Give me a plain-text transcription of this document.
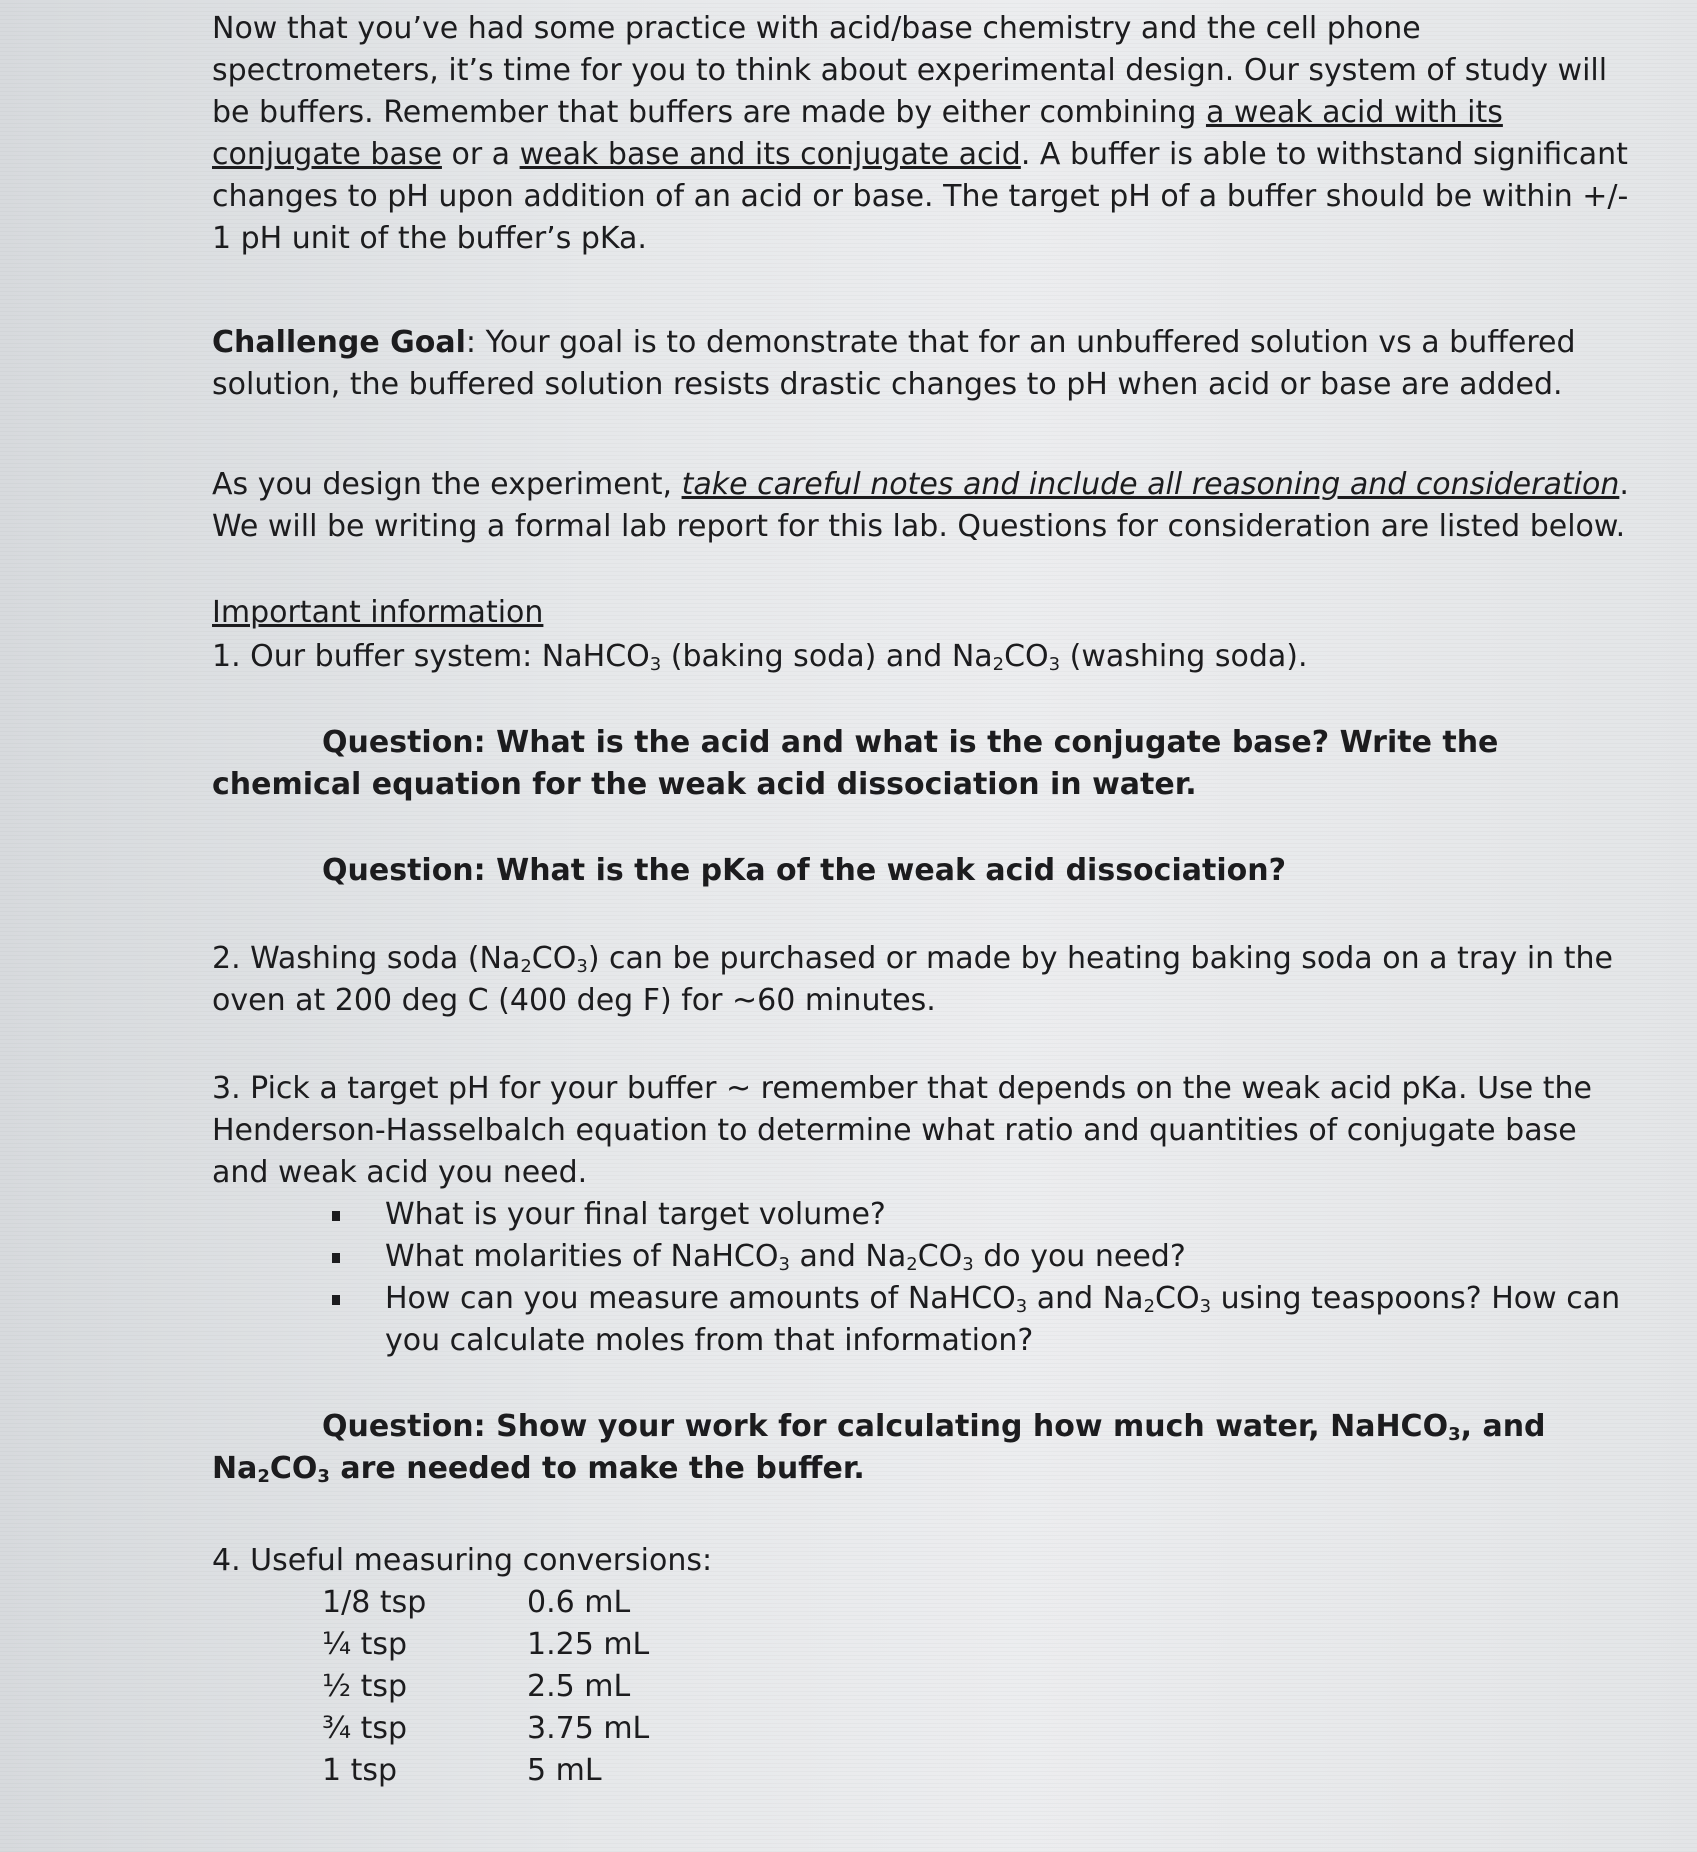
Now that you’ve had some practice with acid/base chemistry and the cell phone spectrometers, it’s time for you to think about experimental design. Our system of study will be buffers. Remember that buffers are made by either combining a weak acid with its conjugate base or a weak base and its conjugate acid. A buffer is able to withstand significant changes to pH upon addition of an acid or base. The target pH of a buffer should be within +/- 1 pH unit of the buffer’s pKa.

Challenge Goal: Your goal is to demonstrate that for an unbuffered solution vs a buffered solution, the buffered solution resists drastic changes to pH when acid or base are added.

As you design the experiment, take careful notes and include all reasoning and consideration. We will be writing a formal lab report for this lab. Questions for consideration are listed below.

Important information

1. Our buffer system: NaHCO$_3$ (baking soda) and $Na_2CO_3$ (washing soda).

Question: What is the acid and what is the conjugate base? Write the chemical equation for the weak acid dissociation in water.

Question: What is the pKa of the weak acid dissociation?

2. Washing soda $(Na_2CO_3)$ can be purchased or made by heating baking soda on a tray in the oven at 200 deg C (400 deg F) for ~60 minutes.

3. Pick a target pH for your buffer ~ remember that depends on the weak acid pKa. Use the Henderson-Hasselbalch equation to determine what ratio and quantities of conjugate base and weak acid you need.

What is your final target volume?
What molarities of NaHCO$_3$ and $Na_2CO_3$ do you need?
How can you measure amounts of NaHCO$_3$ and $Na_2CO_3$ using teaspoons? How can you calculate moles from that information?

Question: Show your work for calculating how much water, NaHCO$_3$, and $Na_2CO_3$ are needed to make the buffer.

4. Useful measuring conversions:

1/8 tsp	0.6 mL
¼ tsp	1.25 mL
½ tsp	2.5 mL
¾ tsp	3.75 mL
1 tsp	5 mL
